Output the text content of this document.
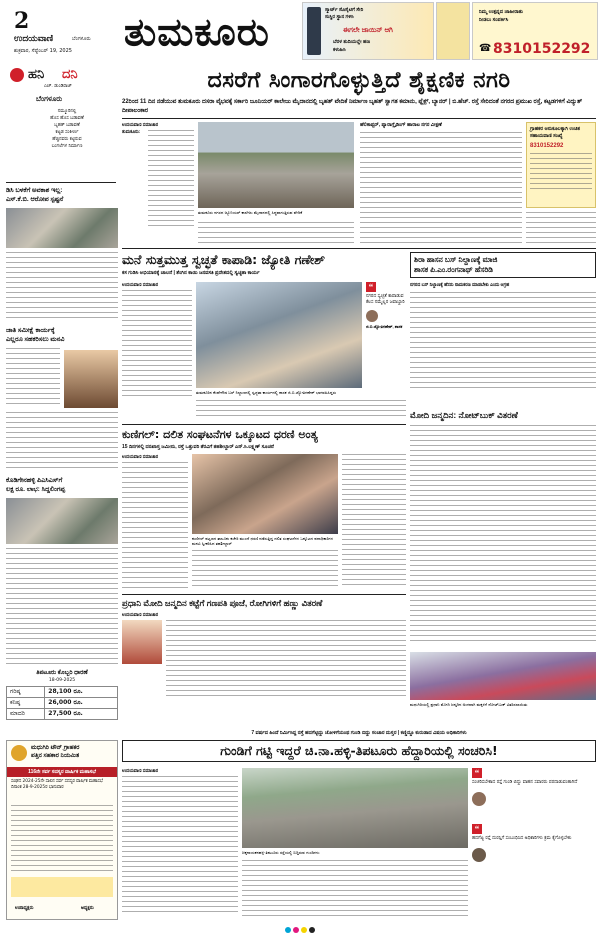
2
ಉದಯವಾಣಿ	ಬೆಂಗಳೂರು
ಶುಕ್ರವಾರ, ಸೆಪ್ಟೆಂಬರ್ 19, 2025 ತುಮಕೂರು	ಸ್ಮಾರ್ಟ್ ಸೊಸೈಟಿಗೆ ಸೇರಿ
ಸುಸ್ಥಿರ ಸ್ಥಾನ ಗಳಿಸಿ
ಈಗಲೇ ಜಾಯಿನ್ ಆಗಿ
ಬೆರಳ ತುದಿಯಲ್ಲೇ ಹಣ
ಕಳುಹಿಸಿ
ನಿಮ್ಮ ಉತ್ಪನ್ನದ ಜಾಹೀರಾತು
ನೀಡಲು ಸಂಪರ್ಕಿಸಿ
☎ 8310152292
ಹನಿ ದನಿ
ಎಚ್. ಡುಂಡಿರಾಜ್
ಬೆಂಗಳೂರು
ನಮ್ಮೂರಿನಲ್ಲಿ
ಹೊಸ ಹೊಸ ಬಡಾವಣೆ
ಬೃಹತ್ ಬಡಾವಣೆ
ಕಟ್ಟಡ ಸಂಕೀರ್ಣ
ಹೆಚ್ಚಿನವರು ಕಟ್ಟಿರುವ
ಬಂಗಲೆಗಳ ನಿರ್ಮಾಣ
ಡಿಸಿ ಬಳಕೆಗೆ ಅವಕಾಶ ಇಲ್ಲ:
ಎಸ್.ಕೆ.ಬಿ. ಆರೋಪ ಸ್ಪಷ್ಟನೆ
ಜಾತಿ ಸಮೀಕ್ಷೆ ಕಾರ್ಯಕ್ಕೆ
ಎಲ್ಲರೂ ಸಹಕರಿಸಲು ಮನವಿ
ಕೊಡಿಗೇನಹಳ್ಳಿ ಪಿಎಸಿಎಸ್‌ಗೆ
ಲಕ್ಷ ರೂ. ಲಾಭ: ಸಿದ್ದಲಿಂಗಪ್ಪ
ತಿಪಟೂರು ಕೊಬ್ಬರಿ ಧಾರಣೆ
18-09-2025
ಗರಿಷ್ಠ	28,100 ರೂ.
ಕನಿಷ್ಠ	26,000 ರೂ.
ಮಾದರಿ	27,500 ರೂ.
ದಸರೆಗೆ ಸಿಂಗಾರಗೊಳ್ಳುತ್ತಿದೆ ಶೈಕ್ಷಣಿಕ ನಗರಿ
22ರಿಂದ 11 ದಿನ ನಡೆಯುವ ತುಮಕೂರು ದಸರಾ ವೈಭವಕ್ಕೆ ಸರ್ಕಾರಿ ಜೂನಿಯರ್ ಕಾಲೇಜು ಮೈದಾನದಲ್ಲಿ ಬೃಹತ್ ವೇದಿಕೆ ನಿರ್ಮಾಣ ಬೃಹತ್ ಸ್ವಾಗತ ಕಮಾನು, ಫ್ಲೆಕ್ಸ್, ಬ್ಯಾನರ್ | ಬಿ.ಹೆಚ್. ರಸ್ತೆ ಸೇರಿದಂತೆ ನಗರದ ಪ್ರಮುಖ ರಸ್ತೆ, ಕಟ್ಟಡಗಳಿಗೆ ವಿದ್ಯುತ್ ದೀಪಾಲಂಕಾರ
ಉದಯವಾಣಿ ಸಮಾಚಾರ
ತುಮಕೂರು:
ತುಮಕೂರು ನಗರದ ಜ್ಯೂನಿಯರ್ ಕಾಲೇಜು ಮೈದಾನದಲ್ಲಿ ಸಿದ್ಧವಾಗುತ್ತಿರುವ ವೇದಿಕೆ
ಹೆಲಿಕಾಪ್ಟರ್, ಪ್ಯಾರಾಗ್ಲೈಡಿಂಗ್ ಹಾರಾಟ ನಗರ ವೀಕ್ಷಣೆ
ಗ್ರಾಹಕರ ಅನುಕೂಲಕ್ಕಾಗಿ ಉಚಿತ ಸಹಾಯವಾಣಿ ಸಂಖ್ಯೆ
8310152292
ಮನೆ ಸುತ್ತಮುತ್ತ ಸ್ವಚ್ಛತೆ ಕಾಪಾಡಿ: ಜ್ಯೋತಿ ಗಣೇಶ್
ಕಸ ಗುಡಿಸಿ ಅಭಿಯಾನಕ್ಕೆ ಚಾಲನೆ | ತೆಂಗಿನ ಕಾಯಿ ಜನವಸತಿ ಪ್ರದೇಶದಲ್ಲಿ ಸ್ವಚ್ಛತಾ ಕಾರ್ಯ
ಉದಯವಾಣಿ ಸಮಾಚಾರ
ತುಮಕೂರಿನ ಕೆಂಪೇಗೌಡ ಬಸ್ ನಿಲ್ದಾಣದಲ್ಲಿ ಸ್ವಚ್ಛತಾ ಕಾರ್ಯದಲ್ಲಿ ಶಾಸಕ ಜಿ.ಬಿ.ಜ್ಯೋತಿಗಣೇಶ್ ಭಾಗವಹಿಸಿದ್ದರು
“
ನಗರದ ಸ್ವಚ್ಛತೆ ಕಾಪಾಡುವ ಕೆಲಸ ನಮ್ಮೆಲ್ಲರ ಜವಾಬ್ದಾರಿ
ಜಿ.ಬಿ.ಜ್ಯೋತಿಗಣೇಶ್, ಶಾಸಕ
ಶಿರಾ ಹಾಸನ ಬಸ್ ನಿಲ್ದಾಣಕ್ಕೆ ಮಾಜಿ
ಶಾಸಕ ಪಿ.ಎಂ.ರಂಗನಾಥ್ ಹೆಸರಿಡಿ
ನಗರದ ಬಸ್ ನಿಲ್ದಾಣಕ್ಕೆ ಹೆಸರು ನಾಮಕರಣ ಮಾಡಬೇಕು ಎಂದು ಆಗ್ರಹ
ಮೋದಿ ಜನ್ಮದಿನ: ನೋಟ್‌ಬುಕ್ ವಿತರಣೆ
ಮಧುಗಿರಿಯಲ್ಲಿ ಪ್ರಧಾನಿ ಮೋದಿ ಜನ್ಮದಿನ ಅಂಗವಾಗಿ ಮಕ್ಕಳಿಗೆ ನೋಟ್‌ಬುಕ್ ವಿತರಿಸಲಾಯಿತು
ಕುಣಿಗಲ್: ದಲಿತ ಸಂಘಟನೆಗಳ ಒಕ್ಕೂಟದ ಧರಣಿ ಅಂತ್ಯ
15 ದಿನಗಳಲ್ಲಿ ದರಖಾಸ್ತ ಜಮೀನು, ರಸ್ತೆ ಒತ್ತುವರಿ ತೆರವಿಗೆ ತಹಶೀಲ್ದಾರ್ ಎನ್.ಸಿ.ಲಕ್ಷ್ಮಣ್ ಸೂಚನೆ
ಉದಯವಾಣಿ ಸಮಾಚಾರ
ಕುಣಿಗಲ್ ಪಟ್ಟಣದ ತಾಲೂಕು ಕಚೇರಿ ಮುಂದೆ ಧರಣಿ ನಡೆಸುತ್ತಿದ್ದ ದಲಿತ ಸಂಘಟನೆಗಳ ಒಕ್ಕೂಟದ ಪದಾಧಿಕಾರಿಗಳ ಮನವಿ ಸ್ವೀಕರಿಸಿದ ತಹಶೀಲ್ದಾರ್
ಪ್ರಧಾನಿ ಮೋದಿ ಜನ್ಮದಿನ ಕಟ್ಟೆಗೆ ಗಣಪತಿ ಪೂಜೆ, ರೋಗಿಗಳಿಗೆ ಹಣ್ಣು ವಿತರಣೆ
ಉದಯವಾಣಿ ಸಮಾಚಾರ
ಮಧುಗಿರಿ ಟೌನ್ ಗ್ರಾಹಕರ
ಪತ್ತಿನ ಸಹಕಾರ ನಿಯಮಿತ
116ನೇ ಸರ್ವ ಸದಸ್ಯರ ವಾರ್ಷಿಕ ಮಹಾಸಭೆ
ಸಂಘದ 2024-25ನೇ ಸಾಲಿನ ಸರ್ವ ಸದಸ್ಯರ ವಾರ್ಷಿಕ ಮಹಾಸಭೆ ದಿನಾಂಕ 28-9-2025ರ ಭಾನುವಾರ
ಉಪಾಧ್ಯಕ್ಷರು	ಅಧ್ಯಕ್ಷರು
7 ವರ್ಷದ ಹಿಂದೆ ನಿರ್ಮಿಸಿದ್ದ ರಸ್ತೆ ಹದಗೆಟ್ಟಿದ್ದು ಜೋಳಿಗೆಯಂಥ ಗುಂಡಿ ಬಿದ್ದು ಸಂಚಾರ ದುಸ್ತರ | ಕಣ್ಣಿದ್ದೂ ಕುರುಡಾದ ವಿಷಯ ಅಧಿಕಾರಿಗಳು
ಗುಂಡಿಗೆ ಗಟ್ಟಿ ಇದ್ದರೆ ಚಿ.ನಾ.ಹಳ್ಳಿ-ತಿಪಟೂರು ಹೆದ್ದಾರಿಯಲ್ಲಿ ಸಂಚರಿಸಿ!
ಉದಯವಾಣಿ ಸಮಾಚಾರ
ಚಿಕ್ಕನಾಯಕನಹಳ್ಳಿ-ತಿಪಟೂರು ರಸ್ತೆಯಲ್ಲಿ ಬಿದ್ದಿರುವ ಗುಂಡಿಗಳು
“
ಸಂಚರಿಸಬೇಕಾದ ರಸ್ತೆ ಗುಂಡಿ ಬಿದ್ದು ವಾಹನ ಸವಾರರು ಪರದಾಡುವಂತಾಗಿದೆ
“
ಹದಗೆಟ್ಟ ರಸ್ತೆ ದುರಸ್ತಿಗೆ ಸಂಬಂಧಿಸಿದ ಅಧಿಕಾರಿಗಳು ಕ್ರಮ ಕೈಗೊಳ್ಳಬೇಕು
